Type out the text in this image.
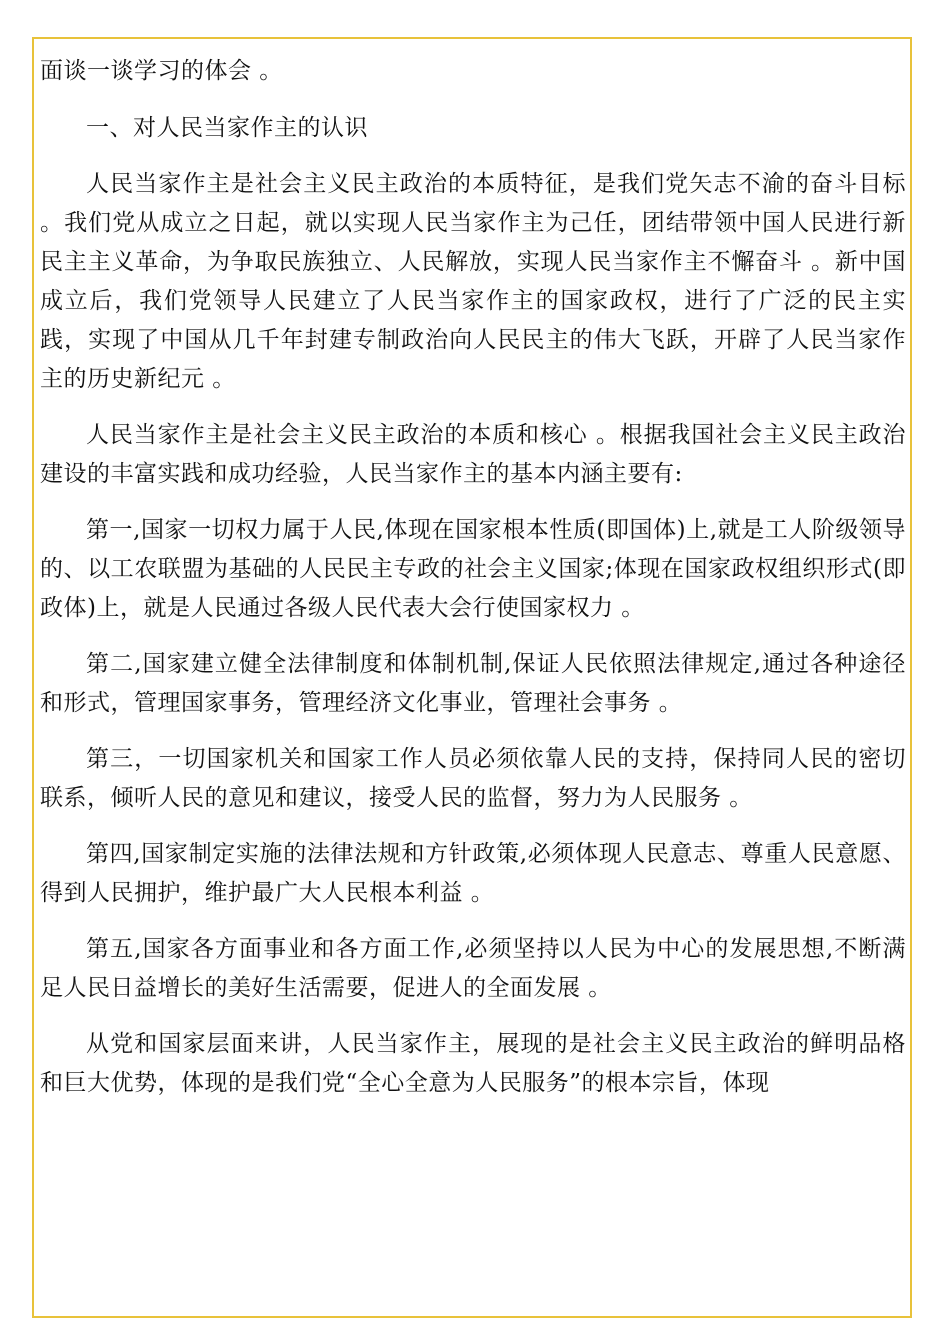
面谈一谈学习的体会 。

一、对人民当家作主的认识

人民当家作主是社会主义民主政治的本质特征，是我们党矢志不渝的奋斗目标 。我们党从成立之日起，就以实现人民当家作主为己任，团结带领中国人民进行新民主主义革命，为争取民族独立、人民解放，实现人民当家作主不懈奋斗 。新中国成立后，我们党领导人民建立了人民当家作主的国家政权，进行了广泛的民主实践，实现了中国从几千年封建专制政治向人民民主的伟大飞跃，开辟了人民当家作主的历史新纪元 。

人民当家作主是社会主义民主政治的本质和核心 。根据我国社会主义民主政治建设的丰富实践和成功经验，人民当家作主的基本内涵主要有:

第一,国家一切权力属于人民,体现在国家根本性质(即国体)上,就是工人阶级领导的、以工农联盟为基础的人民民主专政的社会主义国家;体现在国家政权组织形式(即政体)上，就是人民通过各级人民代表大会行使国家权力 。

第二,国家建立健全法律制度和体制机制,保证人民依照法律规定,通过各种途径和形式，管理国家事务，管理经济文化事业，管理社会事务 。

第三，一切国家机关和国家工作人员必须依靠人民的支持，保持同人民的密切联系，倾听人民的意见和建议，接受人民的监督，努力为人民服务 。

第四,国家制定实施的法律法规和方针政策,必须体现人民意志、尊重人民意愿、得到人民拥护，维护最广大人民根本利益 。

第五,国家各方面事业和各方面工作,必须坚持以人民为中心的发展思想,不断满足人民日益增长的美好生活需要，促进人的全面发展 。

从党和国家层面来讲，人民当家作主，展现的是社会主义民主政治的鲜明品格和巨大优势，体现的是我们党“全心全意为人民服务”的根本宗旨，体现
